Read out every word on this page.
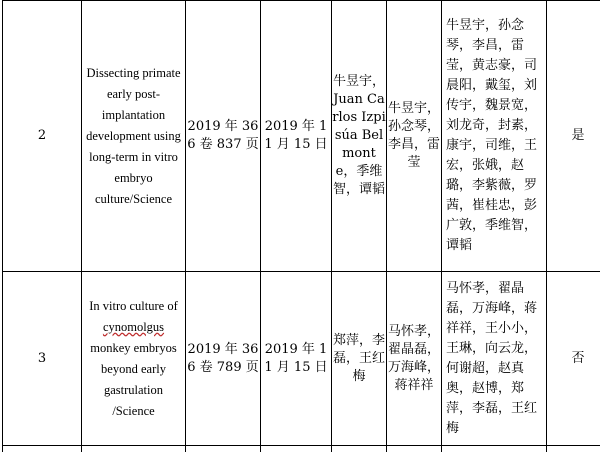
2	Dissecting primate early post-implantation development using long-term in vitro embryo culture/Science	2019 年 366 卷 837 页	2019 年 11 月 15 日	牛昱宇，Juan Carlos Izpisúa Belmonte，季维智，谭韬	牛昱宇，孙念琴，李昌，雷莹	牛昱宇，孙念琴，李昌，雷莹，黄志豪，司晨阳，戴玺，刘传宇，魏景宽，刘龙奇，封素，康宇，司维，王宏，张娥，赵璐，李紫薇，罗茜，崔桂忠，彭广敦，季维智，谭韬	是
3	In vitro culture of cynomolgus monkey embryos beyond early gastrulation /Science	2019 年 366 卷 789 页	2019 年 11 月 15 日	郑萍，李磊，王红梅	马怀孝，翟晶磊，万海峰，蒋祥祥	马怀孝，翟晶磊，万海峰，蒋祥祥，王小小，王琳，向云龙，何谢超，赵真奥，赵博，郑萍，李磊，王红梅	否
